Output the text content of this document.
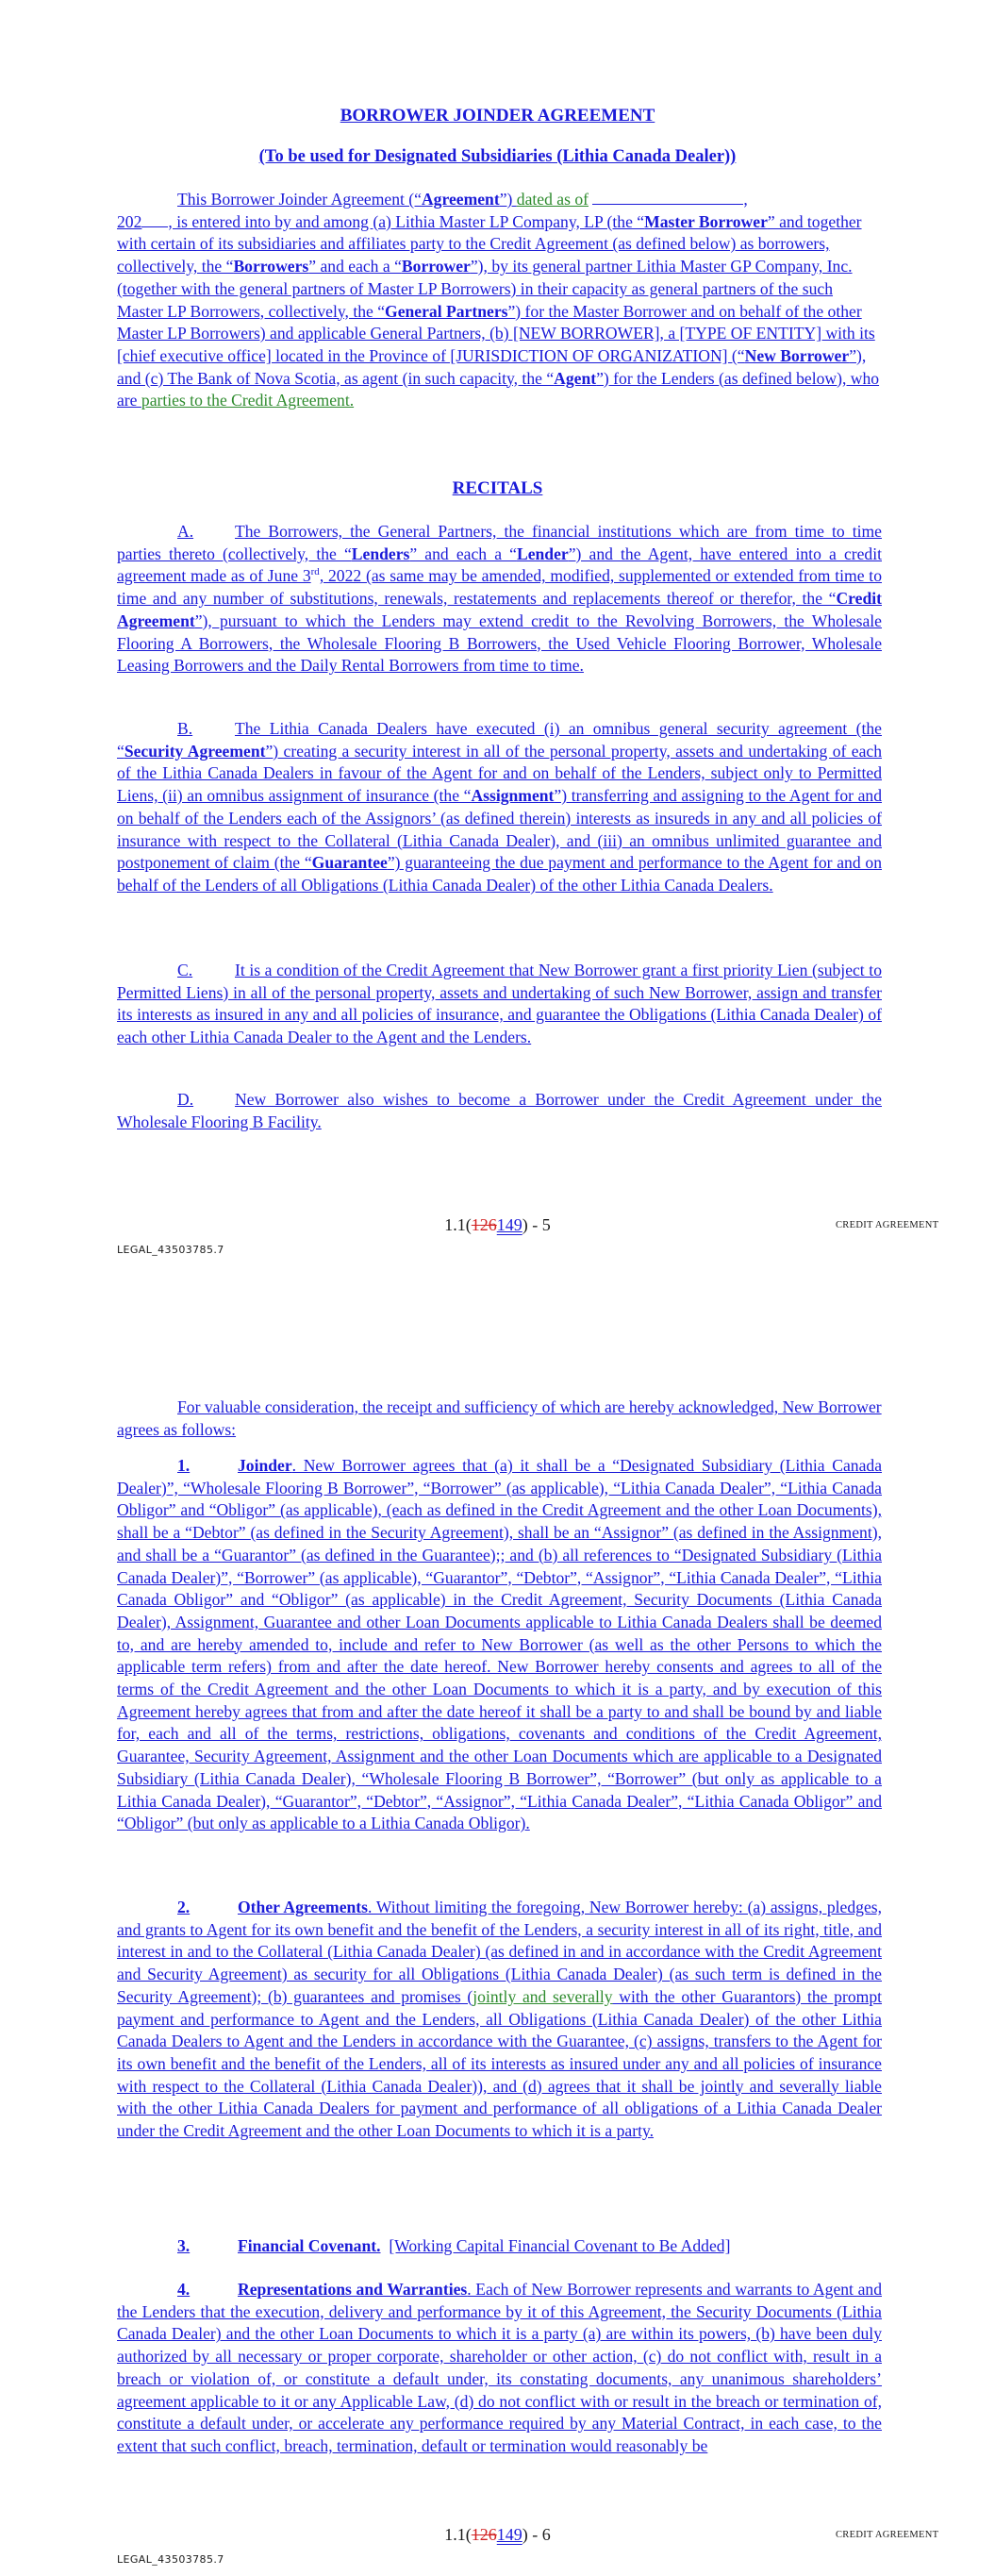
BORROWER JOINDER AGREEMENT
(To be used for Designated Subsidiaries (Lithia Canada Dealer))
This Borrower Joinder Agreement (“Agreement”) dated as of	,
202 , is entered into by and among (a) Lithia Master LP Company, LP (the “Master Borrower” and together with certain of its subsidiaries and affiliates party to the Credit Agreement (as defined below) as borrowers, collectively, the “Borrowers” and each a “Borrower”), by its general partner Lithia Master GP Company, Inc. (together with the general partners of Master LP Borrowers) in their capacity as general partners of the such Master LP Borrowers, collectively, the “General Partners”) for the Master Borrower and on behalf of the other Master LP Borrowers) and applicable General Partners, (b) [NEW BORROWER], a [TYPE OF ENTITY] with its [chief executive office] located in the Province of [JURISDICTION OF ORGANIZATION] (“New Borrower”), and (c) The Bank of Nova Scotia, as agent (in such capacity, the “Agent”) for the Lenders (as defined below), who are parties to the Credit Agreement.
RECITALS
A. The Borrowers, the General Partners, the financial institutions which are from time to time parties thereto (collectively, the “Lenders” and each a “Lender”) and the Agent, have entered into a credit agreement made as of June 3rd, 2022 (as same may be amended, modified, supplemented or extended from time to time and any number of substitutions, renewals, restatements and replacements thereof or therefor, the “Credit Agreement”), pursuant to which the Lenders may extend credit to the Revolving Borrowers, the Wholesale Flooring A Borrowers, the Wholesale Flooring B Borrowers, the Used Vehicle Flooring Borrower, Wholesale Leasing Borrowers and the Daily Rental Borrowers from time to time.
B.	The Lithia Canada Dealers have executed (i) an omnibus general security agreement (the “Security Agreement”) creating a security interest in all of the personal property, assets and undertaking of each of the Lithia Canada Dealers in favour of the Agent for and on behalf of the Lenders, subject only to Permitted Liens, (ii) an omnibus assignment of insurance (the “Assignment”) transferring and assigning to the Agent for and on behalf of the Lenders each of the Assignors’ (as defined therein) interests as insureds in any and all policies of insurance with respect to the Collateral (Lithia Canada Dealer), and (iii) an omnibus unlimited guarantee and postponement of claim (the “Guarantee”) guaranteeing the due payment and performance to the Agent for and on behalf of the Lenders of all Obligations (Lithia Canada Dealer) of the other Lithia Canada Dealers.
C.	It is a condition of the Credit Agreement that New Borrower grant a first priority Lien (subject to Permitted Liens) in all of the personal property, assets and undertaking of such New Borrower, assign and transfer its interests as insured in any and all policies of insurance, and guarantee the Obligations (Lithia Canada Dealer) of each other Lithia Canada Dealer to the Agent and the Lenders.
D. New Borrower also wishes to become a Borrower under the Credit Agreement under the Wholesale Flooring B Facility.
1.1(126149) - 5	CREDIT AGREEMENT
LEGAL_43503785.7
For valuable consideration, the receipt and sufficiency of which are hereby acknowledged, New Borrower agrees as follows:
1.	Joinder. New Borrower agrees that (a) it shall be a “Designated Subsidiary (Lithia Canada Dealer)”, “Wholesale Flooring B Borrower”, “Borrower” (as applicable), “Lithia Canada Dealer”, “Lithia Canada Obligor” and “Obligor” (as applicable), (each as defined in the Credit Agreement and the other Loan Documents), shall be a “Debtor” (as defined in the Security Agreement), shall be an “Assignor” (as defined in the Assignment), and shall be a “Guarantor” (as defined in the Guarantee);; and (b) all references to “Designated Subsidiary (Lithia Canada Dealer)”, “Borrower” (as applicable), “Guarantor”, “Debtor”, “Assignor”, “Lithia Canada Dealer”, “Lithia Canada Obligor” and “Obligor” (as applicable) in the Credit Agreement, Security Documents (Lithia Canada Dealer), Assignment, Guarantee and other Loan Documents applicable to Lithia Canada Dealers shall be deemed to, and are hereby amended to, include and refer to New Borrower (as well as the other Persons to which the applicable term refers) from and after the date hereof. New Borrower hereby consents and agrees to all of the terms of the Credit Agreement and the other Loan Documents to which it is a party, and by execution of this Agreement hereby agrees that from and after the date hereof it shall be a party to and shall be bound by and liable for, each and all of the terms, restrictions, obligations, covenants and conditions of the Credit Agreement, Guarantee, Security Agreement, Assignment and the other Loan Documents which are applicable to a Designated Subsidiary (Lithia Canada Dealer), “Wholesale Flooring B Borrower”, “Borrower” (but only as applicable to a Lithia Canada Dealer), “Guarantor”, “Debtor”, “Assignor”, “Lithia Canada Dealer”, “Lithia Canada Obligor” and “Obligor” (but only as applicable to a Lithia Canada Obligor).
2.	Other Agreements. Without limiting the foregoing, New Borrower hereby: (a) assigns, pledges, and grants to Agent for its own benefit and the benefit of the Lenders, a security interest in all of its right, title, and interest in and to the Collateral (Lithia Canada Dealer) (as defined in and in accordance with the Credit Agreement and Security Agreement) as security for all Obligations (Lithia Canada Dealer) (as such term is defined in the Security Agreement); (b) guarantees and promises (jointly and severally with the other Guarantors) the prompt payment and performance to Agent and the Lenders, all Obligations (Lithia Canada Dealer) of the other Lithia Canada Dealers to Agent and the Lenders in accordance with the Guarantee, (c) assigns, transfers to the Agent for its own benefit and the benefit of the Lenders, all of its interests as insured under any and all policies of insurance with respect to the Collateral (Lithia Canada Dealer)), and (d) agrees that it shall be jointly and severally liable with the other Lithia Canada Dealers for payment and performance of all obligations of a Lithia Canada Dealer under the Credit Agreement and the other Loan Documents to which it is a party.
3.	Financial Covenant. [Working Capital Financial Covenant to Be Added]
4.	Representations and Warranties. Each of New Borrower represents and warrants to Agent and the Lenders that the execution, delivery and performance by it of this Agreement, the Security Documents (Lithia Canada Dealer) and the other Loan Documents to which it is a party (a) are within its powers, (b) have been duly authorized by all necessary or proper corporate, shareholder or other action, (c) do not conflict with, result in a breach or violation of, or constitute a default under, its constating documents, any unanimous shareholders’ agreement applicable to it or any Applicable Law, (d) do not conflict with or result in the breach or termination of, constitute a default under, or accelerate any performance required by any Material Contract, in each case, to the extent that such conflict, breach, termination, default or termination would reasonably be
1.1(126149) - 6	CREDIT AGREEMENT
LEGAL_43503785.7
